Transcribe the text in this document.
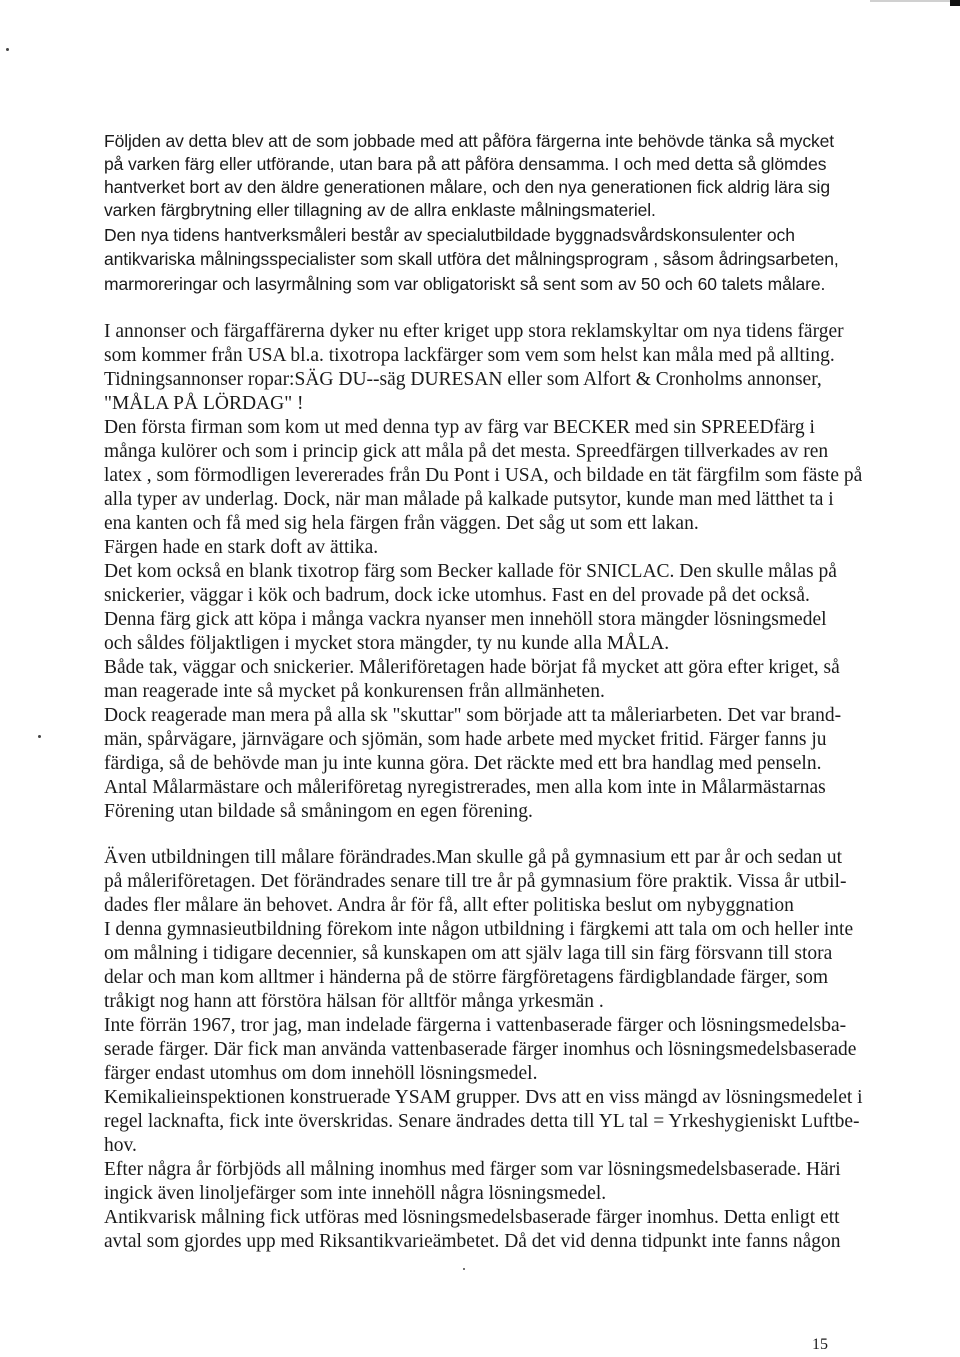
Följden av detta blev att de som jobbade med att påföra färgerna inte behövde tänka så mycket
på varken färg eller utförande, utan bara på att påföra densamma. I och med detta så glömdes
hantverket bort av den äldre generationen målare, och den nya generationen fick aldrig lära sig
varken färgbrytning eller tillagning av de allra enklaste målningsmateriel.
Den nya tidens hantverksmåleri består av specialutbildade byggnadsvårdskonsulenter och
antikvariska målningsspecialister som skall utföra det målningsprogram , såsom ådringsarbeten,
marmoreringar och lasyrmålning som var obligatoriskt så sent som av 50 och 60 talets målare.
I annonser och färgaffärerna dyker nu efter kriget upp stora reklamskyltar om nya tidens färger
som kommer från USA bl.a. tixotropa lackfärger som vem som helst kan måla med på allting.
Tidningsannonser ropar:SÄG DU--säg DURESAN eller som Alfort & Cronholms annonser,
"MÅLA PÅ LÖRDAG" !
Den första firman som kom ut med denna typ av färg var BECKER med sin SPREEDfärg i
många kulörer och som i princip gick att måla på det mesta. Spreedfärgen tillverkades av ren
latex , som förmodligen levererades från Du Pont i USA, och bildade en tät färgfilm som fäste på
alla typer av underlag. Dock, när man målade på kalkade putsytor, kunde man med lätthet ta i
ena kanten och få med sig hela färgen från väggen. Det såg ut som ett lakan.
Färgen hade en stark doft av ättika.
Det kom också en blank tixotrop färg som Becker kallade för SNICLAC. Den skulle målas på
snickerier, väggar i kök och badrum, dock icke utomhus. Fast en del provade på det också.
Denna färg gick att köpa i många vackra nyanser men innehöll stora mängder lösningsmedel
och såldes följaktligen i mycket stora mängder, ty nu kunde alla MÅLA.
Både tak, väggar och snickerier. Måleriföretagen hade börjat få mycket att göra efter kriget, så
man reagerade inte så mycket på konkurensen från allmänheten.
Dock reagerade man mera på alla sk "skuttar" som började att ta måleriarbeten. Det var brand-
män, spårvägare, järnvägare och sjömän, som hade arbete med mycket fritid. Färger fanns ju
färdiga, så de behövde man ju inte kunna göra. Det räckte med ett bra handlag med penseln.
Antal Målarmästare och måleriföretag nyregistrerades, men alla kom inte in Målarmästarnas
Förening utan bildade så småningom en egen förening.
Även utbildningen till målare förändrades.Man skulle gå på gymnasium ett par år och sedan ut
på måleriföretagen. Det förändrades senare till tre år på gymnasium före praktik. Vissa år utbil-
dades fler målare än behovet. Andra år för få, allt efter politiska beslut om nybyggnation
I denna gymnasieutbildning förekom inte någon utbildning i färgkemi att tala om och heller inte
om målning i tidigare decennier, så kunskapen om att själv laga till sin färg försvann till stora
delar och man kom alltmer i händerna på de större färgföretagens färdigblandade färger, som
tråkigt nog hann att förstöra hälsan för alltför många yrkesmän .
Inte förrän 1967, tror jag, man indelade färgerna i vattenbaserade färger och lösningsmedelsba-
serade färger. Där fick man använda vattenbaserade färger inomhus och lösningsmedelsbaserade
färger endast utomhus om dom innehöll lösningsmedel.
Kemikalieinspektionen konstruerade YSAM grupper. Dvs att en viss mängd av lösningsmedelet i
regel lacknafta, fick inte överskridas. Senare ändrades detta till YL tal = Yrkeshygieniskt Luftbe-
hov.
Efter några år förbjöds all målning inomhus med färger som var lösningsmedelsbaserade. Häri
ingick även linoljefärger som inte innehöll några lösningsmedel.
Antikvarisk målning fick utföras med lösningsmedelsbaserade färger inomhus. Detta enligt ett
avtal som gjordes upp med Riksantikvarieämbetet. Då det vid denna tidpunkt inte fanns någon
15
